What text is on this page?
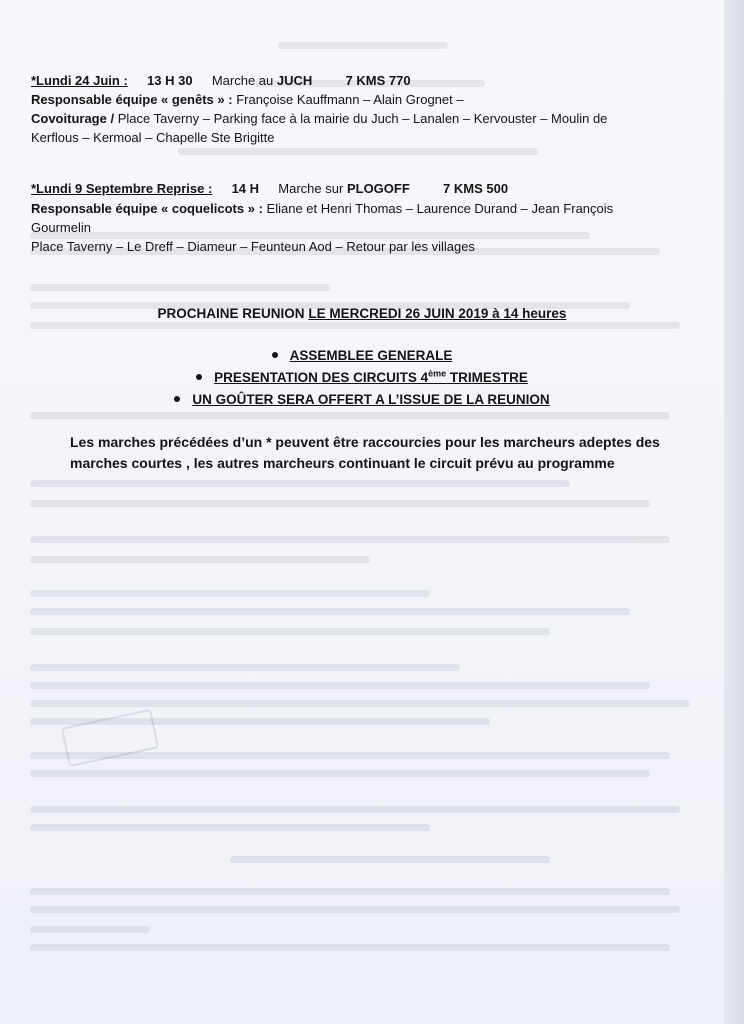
*Lundi 24 Juin : 13 H 30 Marche au JUCH	7 KMS 770
Responsable équipe « genêts » : Françoise Kauffmann – Alain Grognet –
Covoiturage / Place Taverny – Parking face à la mairie du Juch – Lanalen – Kervouster – Moulin de
Kerflous – Kermoal – Chapelle Ste Brigitte
*Lundi 9 Septembre Reprise : 14 H Marche sur PLOGOFF	7 KMS 500
Responsable équipe « coquelicots » : Eliane et Henri Thomas – Laurence Durand – Jean François
Gourmelin
Place Taverny – Le Dreff – Diameur – Feunteun Aod – Retour par les villages
PROCHAINE REUNION LE MERCREDI 26 JUIN 2019 à 14 heures
ASSEMBLEE GENERALE
PRESENTATION DES CIRCUITS 4ème TRIMESTRE
UN GOÛTER SERA OFFERT A L’ISSUE DE LA REUNION
Les marches précédées d’un * peuvent être raccourcies pour les marcheurs adeptes des marches courtes , les autres marcheurs continuant le circuit prévu au programme
